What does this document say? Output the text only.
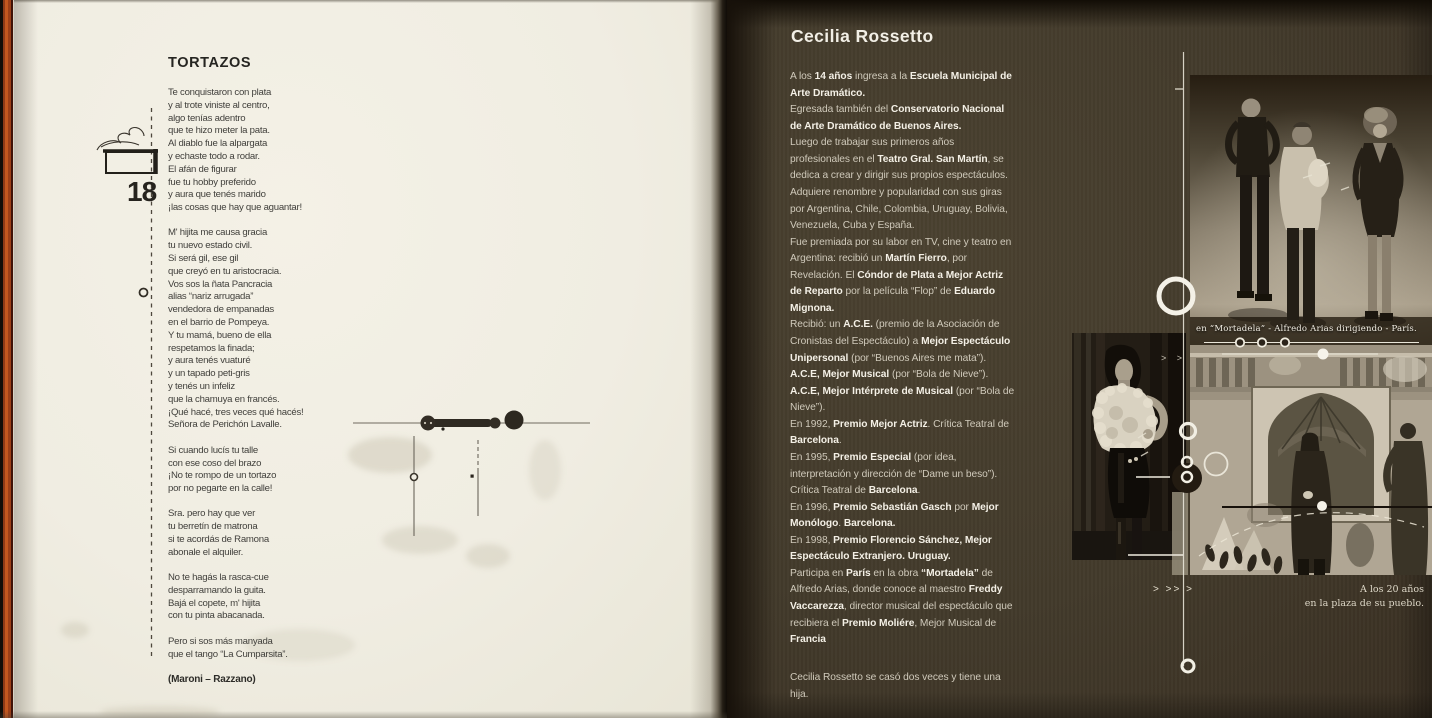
18
TORTAZOS
Te conquistaron con plata
y al trote viniste al centro,
algo tenías adentro
que te hizo meter la pata.
Al diablo fue la alpargata
y echaste todo a rodar.
El afán de figurar
fue tu hobby preferido
y aura que tenés marido
¡las cosas que hay que aguantar!
M' hijita me causa gracia
tu nuevo estado civil.
Si será gil, ese gil
que creyó en tu aristocracia.
Vos sos la ñata Pancracia
alias “nariz arrugada”
vendedora de empanadas
en el barrio de Pompeya.
Y tu mamá, bueno de ella
respetamos la finada;
y aura tenés vuaturé
y un tapado peti-gris
y tenés un infeliz
que la chamuya en francés.
¡Qué hacé, tres veces qué hacés!
Señora de Perichón Lavalle.
Si cuando lucís tu talle
con ese coso del brazo
¡No te rompo de un tortazo
por no pegarte en la calle!
Sra. pero hay que ver
tu berretín de matrona
si te acordás de Ramona
abonale el alquiler.
No te hagás la rasca-cue
desparramando la guita.
Bajá el copete, m' hijita
con tu pinta abacanada.
Pero si sos más manyada
que el tango “La Cumparsita”.
(Maroni – Razzano)
Cecilia Rossetto
A los 14 años ingresa a la Escuela Municipal de
Arte Dramático.
Egresada también del Conservatorio Nacional
de Arte Dramático de Buenos Aires.
Luego de trabajar sus primeros años
profesionales en el Teatro Gral. San Martín, se
dedica a crear y dirigir sus propios espectáculos.
Adquiere renombre y popularidad con sus giras
por Argentina, Chile, Colombia, Uruguay, Bolivia,
Venezuela, Cuba y España.
Fue premiada por su labor en TV, cine y teatro en
Argentina: recibió un Martín Fierro, por
Revelación. El Cóndor de Plata a Mejor Actriz
de Reparto por la película “Flop” de Eduardo
Mignona.
Recibió: un A.C.E. (premio de la Asociación de
Cronistas del Espectáculo) a Mejor Espectáculo
Unipersonal (por “Buenos Aires me mata”).
A.C.E, Mejor Musical (por “Bola de Nieve”).
A.C.E, Mejor Intérprete de Musical (por “Bola de
Nieve”).
En 1992, Premio Mejor Actriz. Crítica Teatral de
Barcelona.
En 1995, Premio Especial (por idea,
interpretación y dirección de “Dame un beso”).
Crítica Teatral de Barcelona.
En 1996, Premio Sebastián Gasch por Mejor
Monólogo. Barcelona.
En 1998, Premio Florencio Sánchez, Mejor
Espectáculo Extranjero. Uruguay.
Participa en París en la obra “Mortadela” de
Alfredo Arias, donde conoce al maestro Freddy
Vaccarezza, director musical del espectáculo que
recibiera el Premio Moliére, Mejor Musical de
Francia
Cecilia Rossetto se casó dos veces y tiene una
hija.
en “Mortadela” - Alfredo Arias dirigiendo - París.
A los 20 años
en la plaza de su pueblo.
> >
> >> >
